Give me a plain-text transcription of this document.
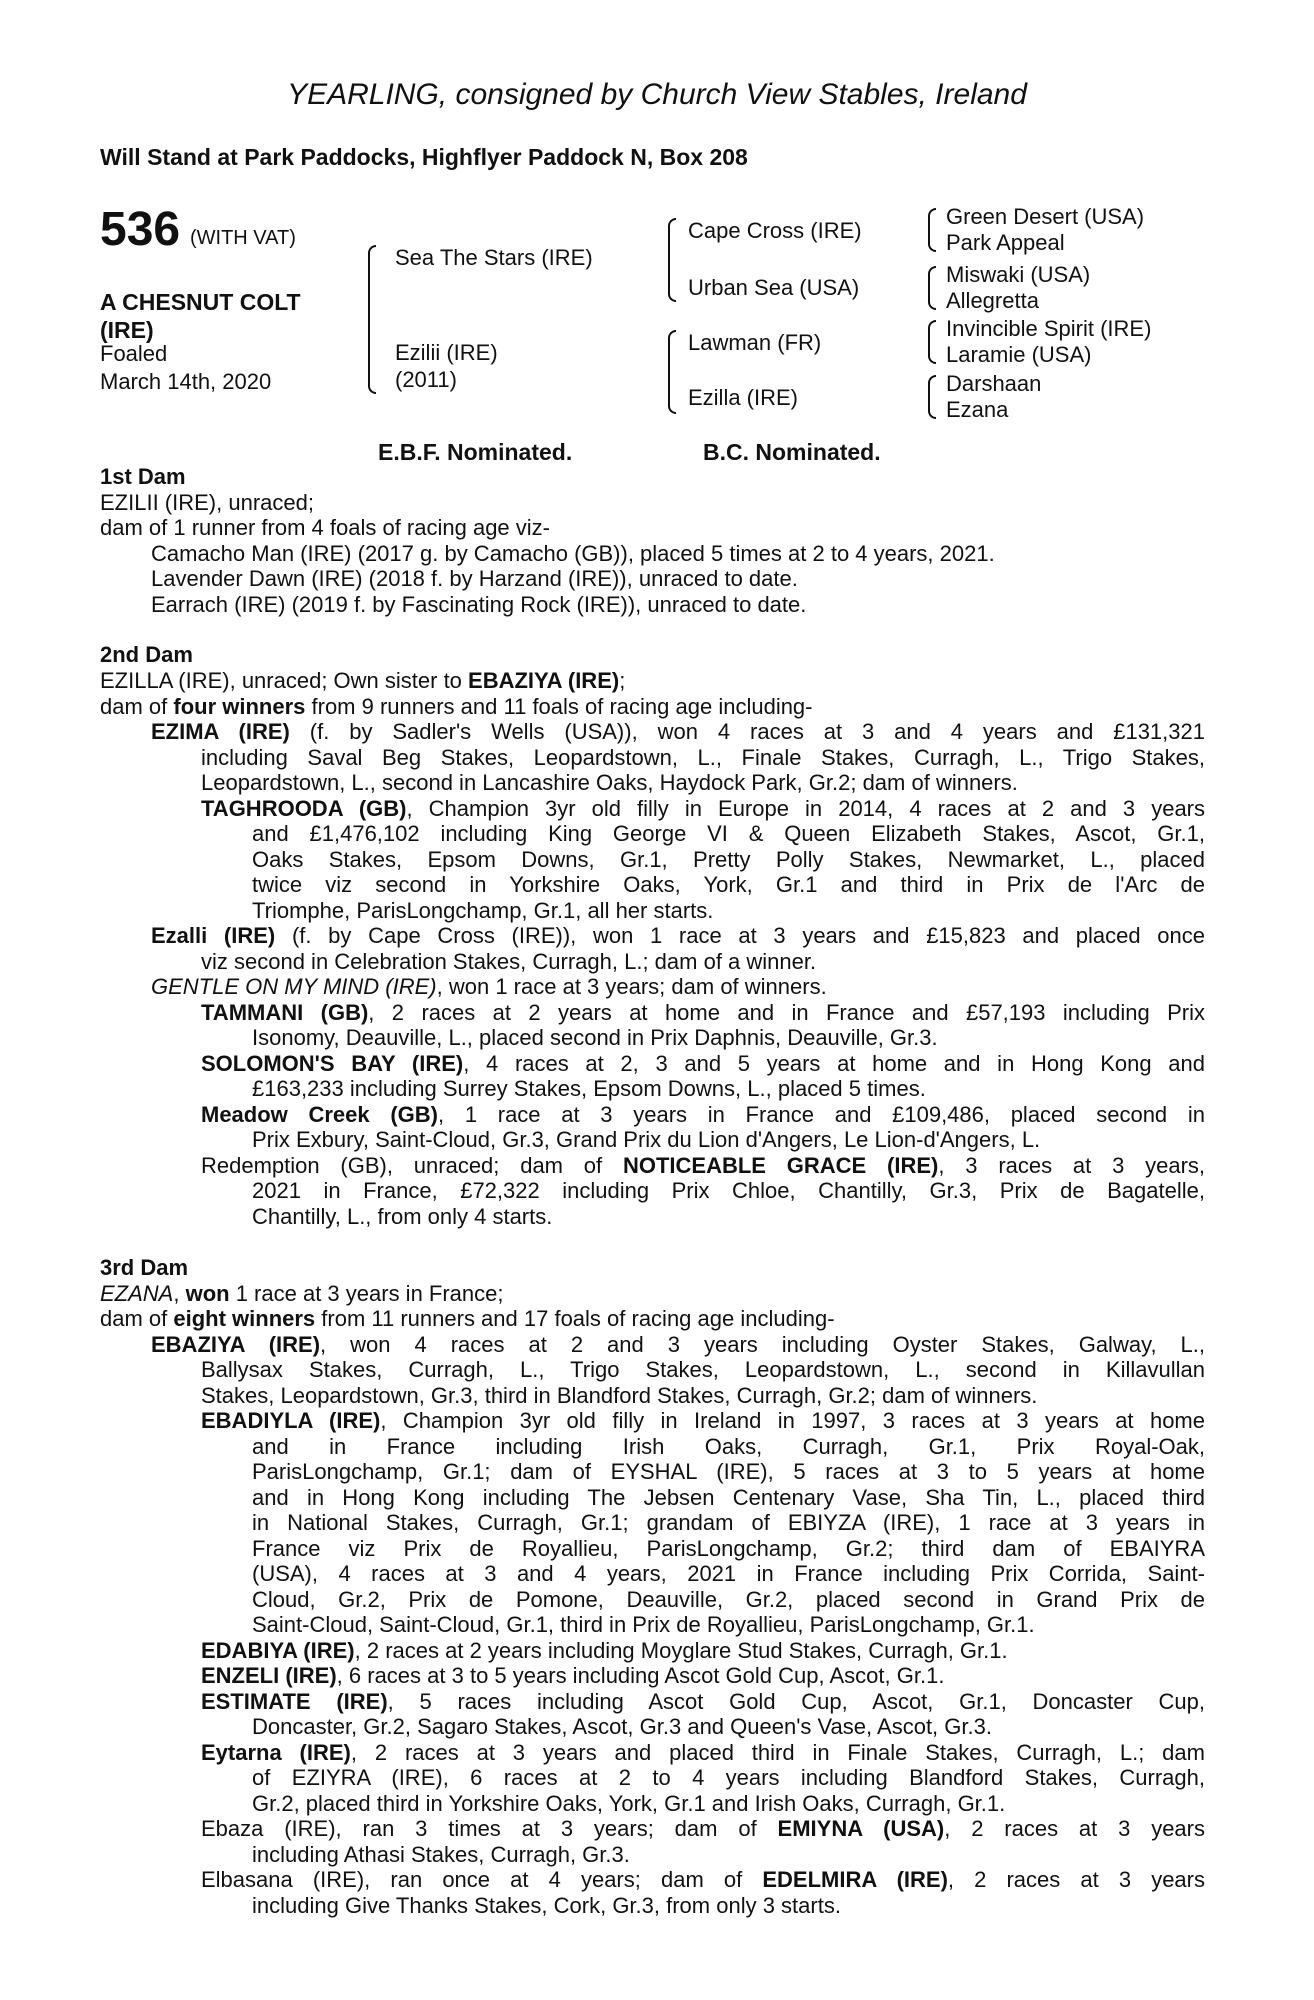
YEARLING, consigned by Church View Stables, Ireland
Will Stand at Park Paddocks, Highflyer Paddock N, Box 208
536 (WITH VAT)
A CHESNUT COLT
(IRE)
Foaled
March 14th, 2020
Sea The Stars (IRE)
Ezilii (IRE)
(2011)
Cape Cross (IRE)
Urban Sea (USA)
Lawman (FR)
Ezilla (IRE)
Green Desert (USA)
Park Appeal
Miswaki (USA)
Allegretta
Invincible Spirit (IRE)
Laramie (USA)
Darshaan
Ezana
E.B.F. Nominated.	B.C. Nominated.
1st Dam
EZILII (IRE), unraced;
dam of 1 runner from 4 foals of racing age viz-
Camacho Man (IRE) (2017 g. by Camacho (GB)), placed 5 times at 2 to 4 years, 2021.
Lavender Dawn (IRE) (2018 f. by Harzand (IRE)), unraced to date.
Earrach (IRE) (2019 f. by Fascinating Rock (IRE)), unraced to date.
2nd Dam
EZILLA (IRE), unraced; Own sister to EBAZIYA (IRE);
dam of four winners from 9 runners and 11 foals of racing age including-
EZIMA (IRE) (f. by Sadler's Wells (USA)), won 4 races at 3 and 4 years and £131,321
including Saval Beg Stakes, Leopardstown, L., Finale Stakes, Curragh, L., Trigo Stakes,
Leopardstown, L., second in Lancashire Oaks, Haydock Park, Gr.2; dam of winners.
TAGHROODA (GB), Champion 3yr old filly in Europe in 2014, 4 races at 2 and 3 years
and £1,476,102 including King George VI & Queen Elizabeth Stakes, Ascot, Gr.1,
Oaks Stakes, Epsom Downs, Gr.1, Pretty Polly Stakes, Newmarket, L., placed
twice viz second in Yorkshire Oaks, York, Gr.1 and third in Prix de l'Arc de
Triomphe, ParisLongchamp, Gr.1, all her starts.
Ezalli (IRE) (f. by Cape Cross (IRE)), won 1 race at 3 years and £15,823 and placed once
viz second in Celebration Stakes, Curragh, L.; dam of a winner.
GENTLE ON MY MIND (IRE), won 1 race at 3 years; dam of winners.
TAMMANI (GB), 2 races at 2 years at home and in France and £57,193 including Prix
Isonomy, Deauville, L., placed second in Prix Daphnis, Deauville, Gr.3.
SOLOMON'S BAY (IRE), 4 races at 2, 3 and 5 years at home and in Hong Kong and
£163,233 including Surrey Stakes, Epsom Downs, L., placed 5 times.
Meadow Creek (GB), 1 race at 3 years in France and £109,486, placed second in
Prix Exbury, Saint-Cloud, Gr.3, Grand Prix du Lion d'Angers, Le Lion-d'Angers, L.
Redemption (GB), unraced; dam of NOTICEABLE GRACE (IRE), 3 races at 3 years,
2021 in France, £72,322 including Prix Chloe, Chantilly, Gr.3, Prix de Bagatelle,
Chantilly, L., from only 4 starts.
3rd Dam
EZANA, won 1 race at 3 years in France;
dam of eight winners from 11 runners and 17 foals of racing age including-
EBAZIYA (IRE), won 4 races at 2 and 3 years including Oyster Stakes, Galway, L.,
Ballysax Stakes, Curragh, L., Trigo Stakes, Leopardstown, L., second in Killavullan
Stakes, Leopardstown, Gr.3, third in Blandford Stakes, Curragh, Gr.2; dam of winners.
EBADIYLA (IRE), Champion 3yr old filly in Ireland in 1997, 3 races at 3 years at home
and in France including Irish Oaks, Curragh, Gr.1, Prix Royal-Oak,
ParisLongchamp, Gr.1; dam of EYSHAL (IRE), 5 races at 3 to 5 years at home
and in Hong Kong including The Jebsen Centenary Vase, Sha Tin, L., placed third
in National Stakes, Curragh, Gr.1; grandam of EBIYZA (IRE), 1 race at 3 years in
France viz Prix de Royallieu, ParisLongchamp, Gr.2; third dam of EBAIYRA
(USA), 4 races at 3 and 4 years, 2021 in France including Prix Corrida, Saint-
Cloud, Gr.2, Prix de Pomone, Deauville, Gr.2, placed second in Grand Prix de
Saint-Cloud, Saint-Cloud, Gr.1, third in Prix de Royallieu, ParisLongchamp, Gr.1.
EDABIYA (IRE), 2 races at 2 years including Moyglare Stud Stakes, Curragh, Gr.1.
ENZELI (IRE), 6 races at 3 to 5 years including Ascot Gold Cup, Ascot, Gr.1.
ESTIMATE (IRE), 5 races including Ascot Gold Cup, Ascot, Gr.1, Doncaster Cup,
Doncaster, Gr.2, Sagaro Stakes, Ascot, Gr.3 and Queen's Vase, Ascot, Gr.3.
Eytarna (IRE), 2 races at 3 years and placed third in Finale Stakes, Curragh, L.; dam
of EZIYRA (IRE), 6 races at 2 to 4 years including Blandford Stakes, Curragh,
Gr.2, placed third in Yorkshire Oaks, York, Gr.1 and Irish Oaks, Curragh, Gr.1.
Ebaza (IRE), ran 3 times at 3 years; dam of EMIYNA (USA), 2 races at 3 years
including Athasi Stakes, Curragh, Gr.3.
Elbasana (IRE), ran once at 4 years; dam of EDELMIRA (IRE), 2 races at 3 years
including Give Thanks Stakes, Cork, Gr.3, from only 3 starts.
